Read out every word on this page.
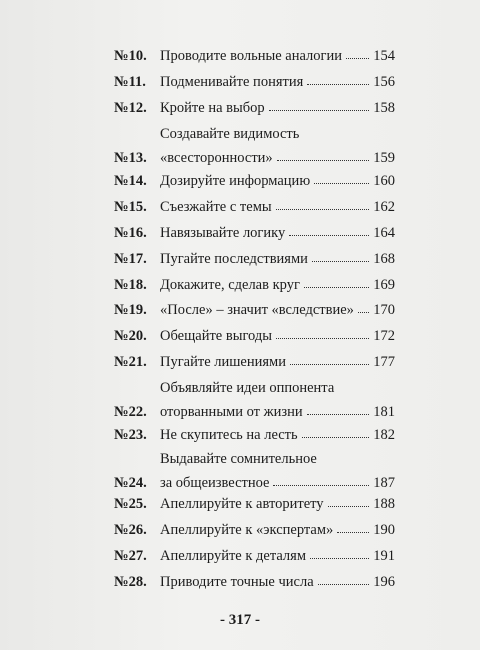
№10. Проводите вольные аналогии 154
№11. Подменивайте понятия	156
№12. Кройте на выбор	158
№13.
Создавайте видимость
«всесторонности»	159
№14. Дозируйте информацию	160
№15. Съезжайте с темы	162
№16. Навязывайте логику	164
№17. Пугайте последствиями	168
№18. Докажите, сделав круг	169
№19. «После» – значит «вследствие» 170
№20. Обещайте выгоды	172
№21. Пугайте лишениями	177
№22.
Объявляйте идеи оппонента
оторванными от жизни	181
№23. Не скупитесь на лесть	182
№24.
Выдавайте сомнительное
за общеизвестное	187
№25. Апеллируйте к авторитету	188
№26. Апеллируйте к «экспертам»	190
№27. Апеллируйте к деталям	191
№28. Приводите точные числа	196
- 317 -
